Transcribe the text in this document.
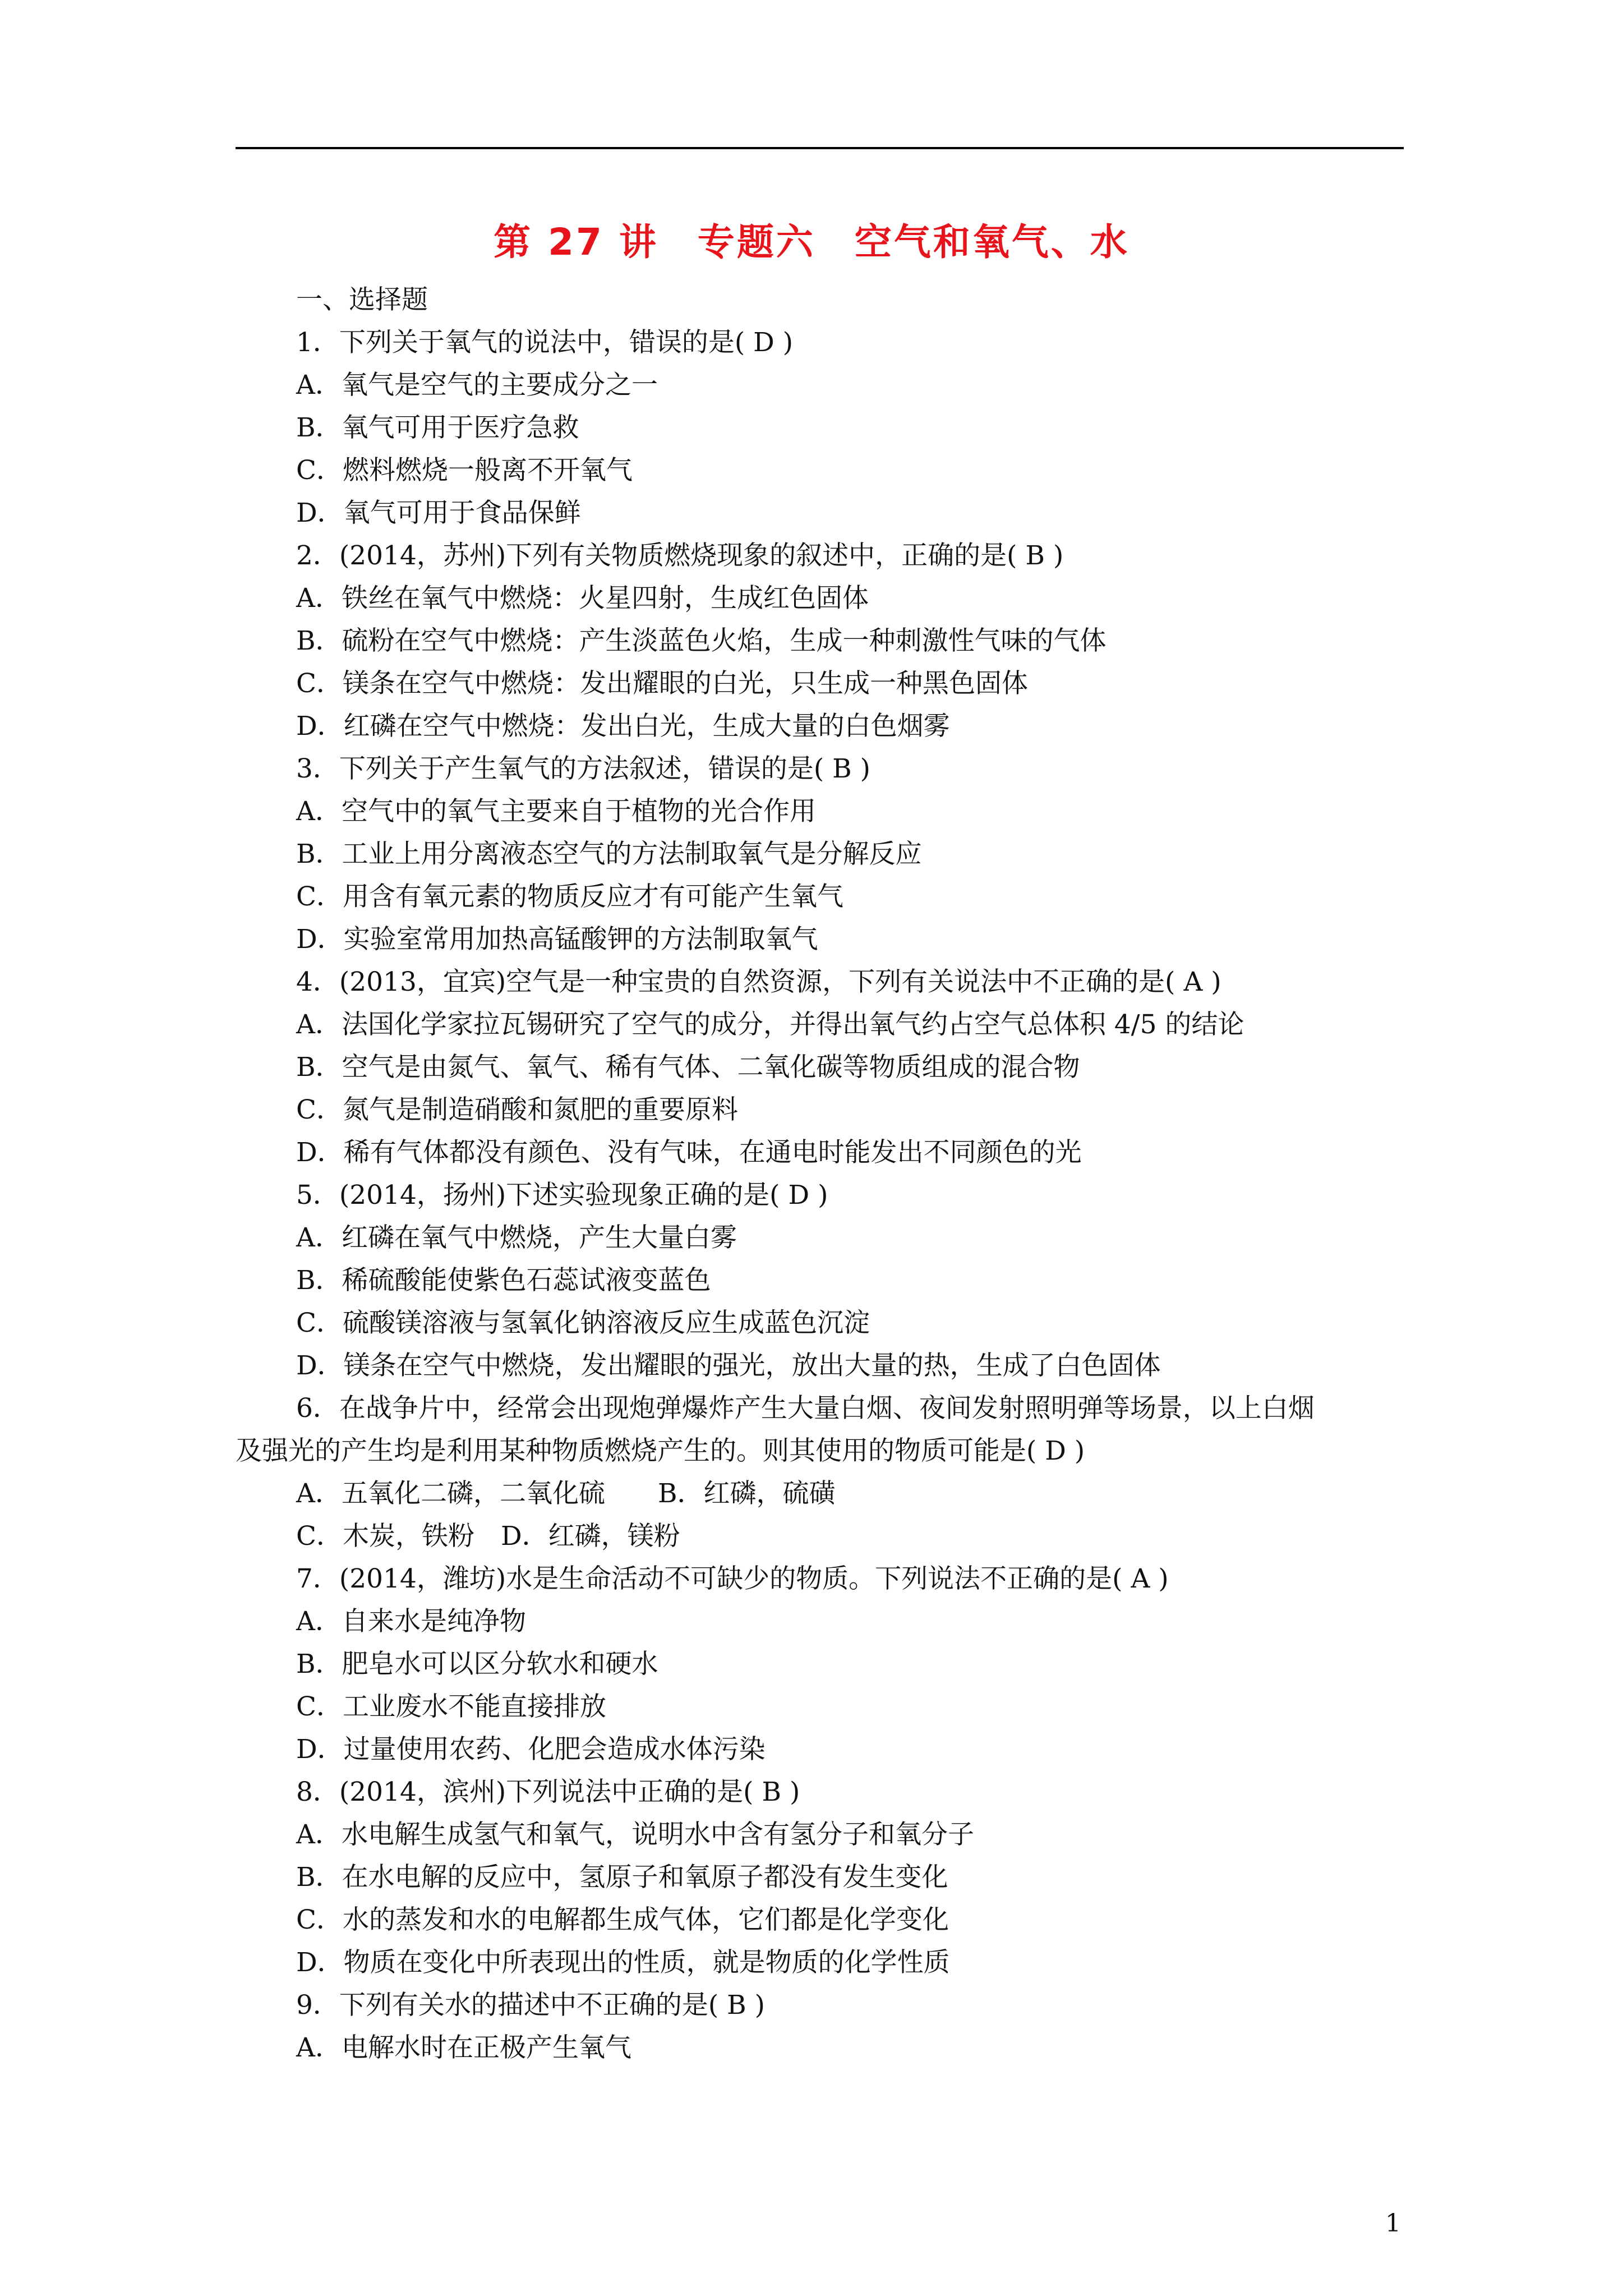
第 27 讲　专题六　空气和氧气、水
一、选择题
1．下列关于氧气的说法中，错误的是( D )
A．氧气是空气的主要成分之一
B．氧气可用于医疗急救
C．燃料燃烧一般离不开氧气
D．氧气可用于食品保鲜
2．(2014，苏州)下列有关物质燃烧现象的叙述中，正确的是( B )
A．铁丝在氧气中燃烧：火星四射，生成红色固体
B．硫粉在空气中燃烧：产生淡蓝色火焰，生成一种刺激性气味的气体
C．镁条在空气中燃烧：发出耀眼的白光，只生成一种黑色固体
D．红磷在空气中燃烧：发出白光，生成大量的白色烟雾
3．下列关于产生氧气的方法叙述，错误的是( B )
A．空气中的氧气主要来自于植物的光合作用
B．工业上用分离液态空气的方法制取氧气是分解反应
C．用含有氧元素的物质反应才有可能产生氧气
D．实验室常用加热高锰酸钾的方法制取氧气
4．(2013，宜宾)空气是一种宝贵的自然资源，下列有关说法中不正确的是( A )
A．法国化学家拉瓦锡研究了空气的成分，并得出氧气约占空气总体积 4/5 的结论
B．空气是由氮气、氧气、稀有气体、二氧化碳等物质组成的混合物
C．氮气是制造硝酸和氮肥的重要原料
D．稀有气体都没有颜色、没有气味，在通电时能发出不同颜色的光
5．(2014，扬州)下述实验现象正确的是( D )
A．红磷在氧气中燃烧，产生大量白雾
B．稀硫酸能使紫色石蕊试液变蓝色
C．硫酸镁溶液与氢氧化钠溶液反应生成蓝色沉淀
D．镁条在空气中燃烧，发出耀眼的强光，放出大量的热，生成了白色固体
6．在战争片中，经常会出现炮弹爆炸产生大量白烟、夜间发射照明弹等场景，以上白烟
及强光的产生均是利用某种物质燃烧产生的。则其使用的物质可能是( D )
A．五氧化二磷，二氧化硫　　B．红磷，硫磺
C．木炭，铁粉　D．红磷，镁粉
7．(2014，潍坊)水是生命活动不可缺少的物质。下列说法不正确的是( A )
A．自来水是纯净物
B．肥皂水可以区分软水和硬水
C．工业废水不能直接排放
D．过量使用农药、化肥会造成水体污染
8．(2014，滨州)下列说法中正确的是( B )
A．水电解生成氢气和氧气，说明水中含有氢分子和氧分子
B．在水电解的反应中，氢原子和氧原子都没有发生变化
C．水的蒸发和水的电解都生成气体，它们都是化学变化
D．物质在变化中所表现出的性质，就是物质的化学性质
9．下列有关水的描述中不正确的是( B )
A．电解水时在正极产生氧气
1
